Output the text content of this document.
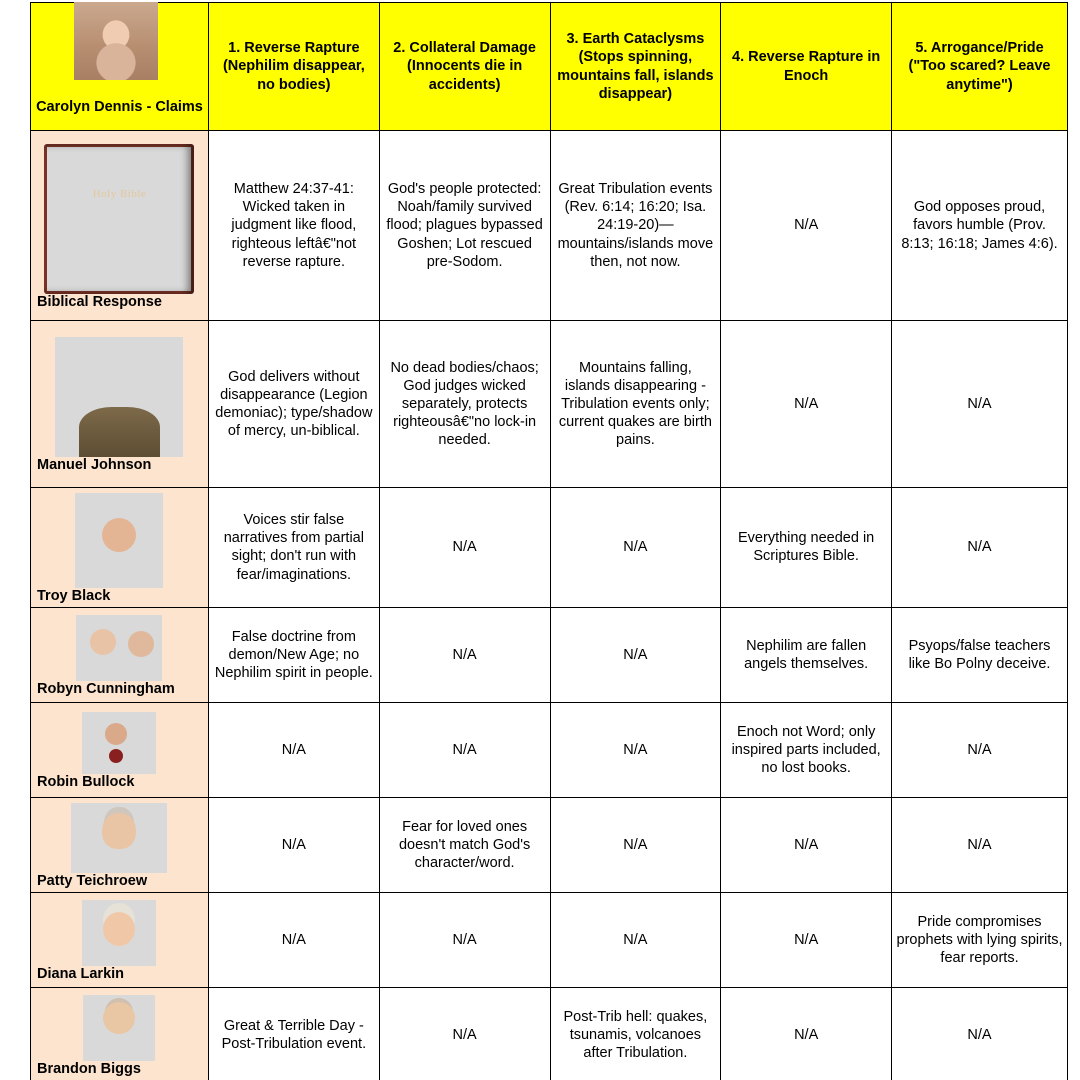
Carolyn Dennis - Claims	1. Reverse Rapture (Nephilim disappear, no bodies)	2. Collateral Damage (Innocents die in accidents)	3. Earth Cataclysms (Stops spinning, mountains fall, islands disappear)	4. Reverse Rapture in Enoch	5. Arrogance/Pride ("Too scared? Leave anytime")

Holy Bible
Biblical Response	Matthew 24:37-41: Wicked taken in judgment like flood, righteous leftâ€"not reverse rapture.	God's people protected: Noah/family survived flood; plagues bypassed Goshen; Lot rescued pre-Sodom.	Great Tribulation events (Rev. 6:14; 16:20; Isa. 24:19-20)—mountains/islands move then, not now.	N/A	God opposes proud, favors humble (Prov. 8:13; 16:18; James 4:6).

Manuel Johnson	God delivers without disappearance (Legion demoniac); type/shadow of mercy, un-biblical.	No dead bodies/chaos; God judges wicked separately, protects righteousâ€"no lock-in needed.	Mountains falling, islands disappearing - Tribulation events only; current quakes are birth pains.	N/A	N/A

Troy Black	Voices stir false narratives from partial sight; don't run with fear/imaginations.	N/A	N/A	Everything needed in Scriptures Bible.	N/A

Robyn Cunningham	False doctrine from demon/New Age; no Nephilim spirit in people.	N/A	N/A	Nephilim are fallen angels themselves.	Psyops/false teachers like Bo Polny deceive.

Robin Bullock	N/A	N/A	N/A	Enoch not Word; only inspired parts included, no lost books.	N/A

Patty Teichroew	N/A	Fear for loved ones doesn't match God's character/word.	N/A	N/A	N/A

Diana Larkin	N/A	N/A	N/A	N/A	Pride compromises prophets with lying spirits, fear reports.

Brandon Biggs	Great & Terrible Day - Post-Tribulation event.	N/A	Post-Trib hell: quakes, tsunamis, volcanoes after Tribulation.	N/A	N/A
